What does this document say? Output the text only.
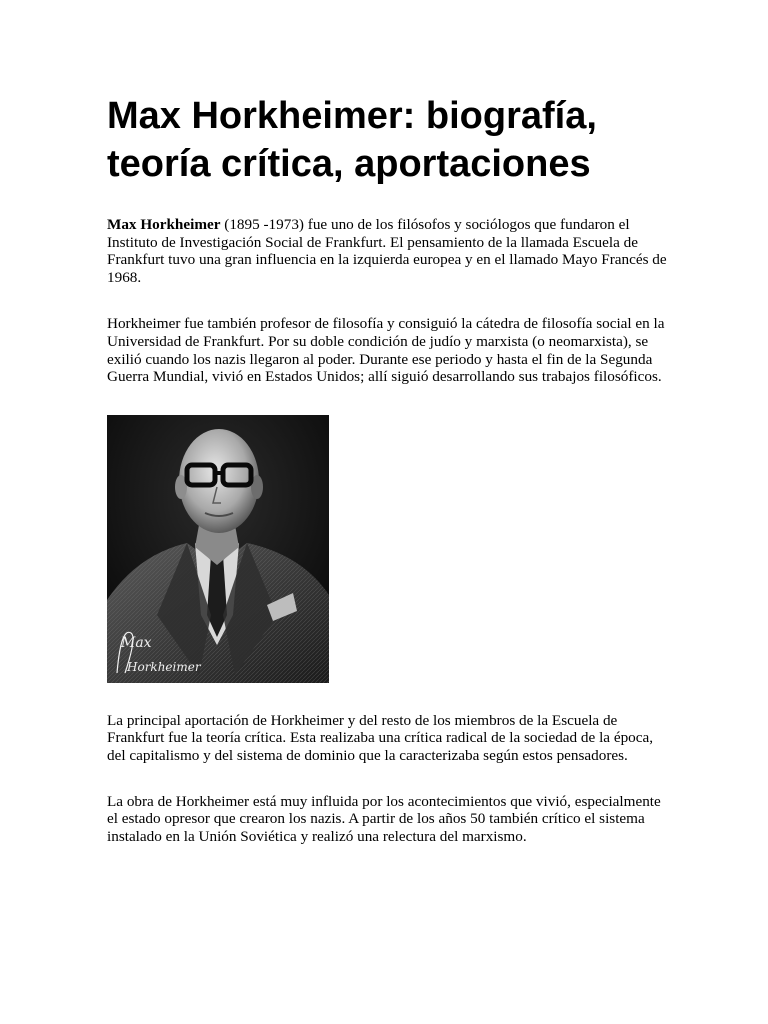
Max Horkheimer: biografía,
teoría crítica, aportaciones

Max Horkheimer (1895 -1973) fue uno de los filósofos y sociólogos que fundaron el Instituto de Investigación Social de Frankfurt. El pensamiento de la llamada Escuela de Frankfurt tuvo una gran influencia en la izquierda europea y en el llamado Mayo Francés de 1968.

Horkheimer fue también profesor de filosofía y consiguió la cátedra de filosofía social en la Universidad de Frankfurt. Por su doble condición de judío y marxista (o neomarxista), se exilió cuando los nazis llegaron al poder. Durante ese periodo y hasta el fin de la Segunda Guerra Mundial, vivió en Estados Unidos; allí siguió desarrollando sus trabajos filosóficos.

Max
Horkheimer

La principal aportación de Horkheimer y del resto de los miembros de la Escuela de Frankfurt fue la teoría crítica. Esta realizaba una crítica radical de la sociedad de la época, del capitalismo y del sistema de dominio que la caracterizaba según estos pensadores.

La obra de Horkheimer está muy influida por los acontecimientos que vivió, especialmente el estado opresor que crearon los nazis. A partir de los años 50 también crítico el sistema instalado en la Unión Soviética y realizó una relectura del marxismo.
